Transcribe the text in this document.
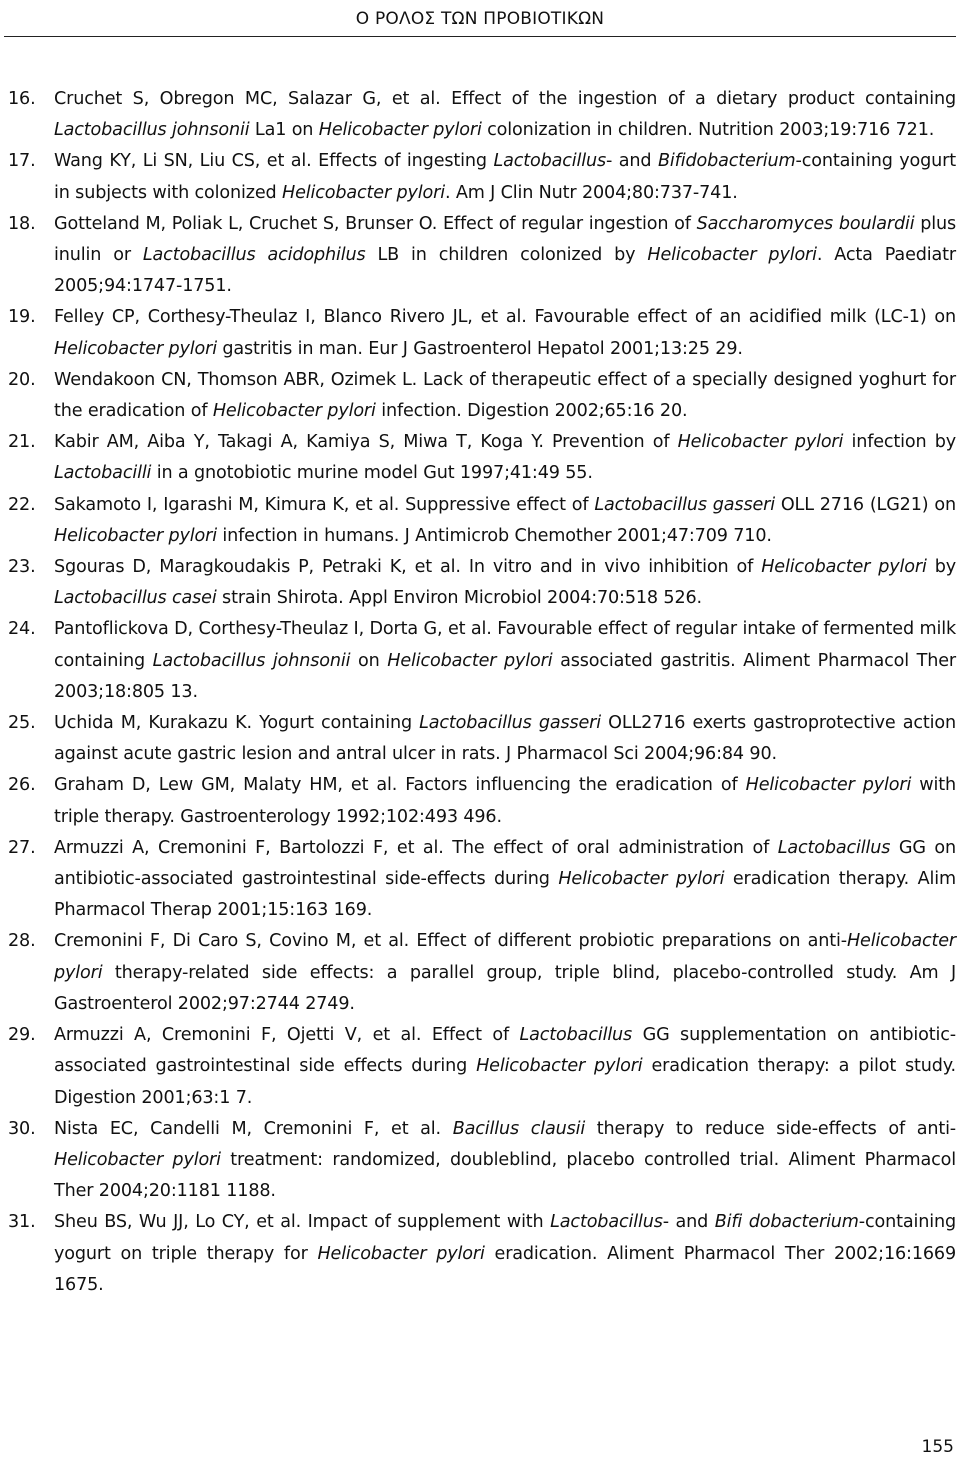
Ο ΡΟΛΟΣ ΤΩΝ ΠΡΟΒΙΟΤΙΚΩΝ
16.	Cruchet S, Obregon MC, Salazar G, et al. Effect of the ingestion of a dietary product containing Lactobacillus johnsonii La1 on Helicobacter pylori colonization in children. Nutrition 2003;19:716 721.
17.	Wang KY, Li SN, Liu CS, et al. Effects of ingesting Lactobacillus- and Bifidobacterium-containing yogurt in subjects with colonized Helicobacter pylori. Am J Clin Nutr 2004;80:737-741.
18.	Gotteland M, Poliak L, Cruchet S, Brunser O. Effect of regular ingestion of Saccharomyces boulardii plus inulin or Lactobacillus acidophilus LB in children colonized by Helicobacter pylori. Acta Paediatr 2005;94:1747-1751.
19.	Felley CP, Corthesy-Theulaz I, Blanco Rivero JL, et al. Favourable effect of an acidified milk (LC-1) on Helicobacter pylori gastritis in man. Eur J Gastroenterol Hepatol 2001;13:25 29.
20.	Wendakoon CN, Thomson ABR, Ozimek L. Lack of therapeutic effect of a specially designed yoghurt for the eradication of Helicobacter pylori infection. Digestion 2002;65:16 20.
21.	Kabir AM, Aiba Y, Takagi A, Kamiya S, Miwa T, Koga Y. Prevention of Helicobacter pylori infection by Lactobacilli in a gnotobiotic murine model Gut 1997;41:49 55.
22.	Sakamoto I, Igarashi M, Kimura K, et al. Suppressive effect of Lactobacillus gasseri OLL 2716 (LG21) on Helicobacter pylori infection in humans. J Antimicrob Chemother 2001;47:709 710.
23.	Sgouras D, Maragkoudakis P, Petraki K, et al. In vitro and in vivo inhibition of Helicobacter pylori by Lactobacillus casei strain Shirota. Appl Environ Microbiol 2004:70:518 526.
24.	Pantoflickova D, Corthesy-Theulaz I, Dorta G, et al. Favourable effect of regular intake of fermented milk containing Lactobacillus johnsonii on Helicobacter pylori associated gastritis. Aliment Pharmacol Ther 2003;18:805 13.
25.	Uchida M, Kurakazu K. Yogurt containing Lactobacillus gasseri OLL2716 exerts gastroprotective action against acute gastric lesion and antral ulcer in rats. J Pharmacol Sci 2004;96:84 90.
26.	Graham D, Lew GM, Malaty HM, et al. Factors influencing the eradication of Helicobacter pylori with triple therapy. Gastroenterology 1992;102:493 496.
27.	Armuzzi A, Cremonini F, Bartolozzi F, et al. The effect of oral administration of Lactobacillus GG on antibiotic-associated gastrointestinal side-effects during Helicobacter pylori eradication therapy. Alim Pharmacol Therap 2001;15:163 169.
28.	Cremonini F, Di Caro S, Covino M, et al. Effect of different probiotic preparations on anti-Helicobacter pylori therapy-related side effects: a parallel group, triple blind, placebo-controlled study. Am J Gastroenterol 2002;97:2744 2749.
29.	Armuzzi A, Cremonini F, Ojetti V, et al. Effect of Lactobacillus GG supplementation on antibiotic-associated gastrointestinal side effects during Helicobacter pylori eradication therapy: a pilot study. Digestion 2001;63:1 7.
30.	Nista EC, Candelli M, Cremonini F, et al. Bacillus clausii therapy to reduce side-effects of anti-Helicobacter pylori treatment: randomized, doubleblind, placebo controlled trial. Aliment Pharmacol Ther 2004;20:1181 1188.
31.	Sheu BS, Wu JJ, Lo CY, et al. Impact of supplement with Lactobacillus- and Bifi dobacterium-containing yogurt on triple therapy for Helicobacter pylori eradication. Aliment Pharmacol Ther 2002;16:1669 1675.
155
